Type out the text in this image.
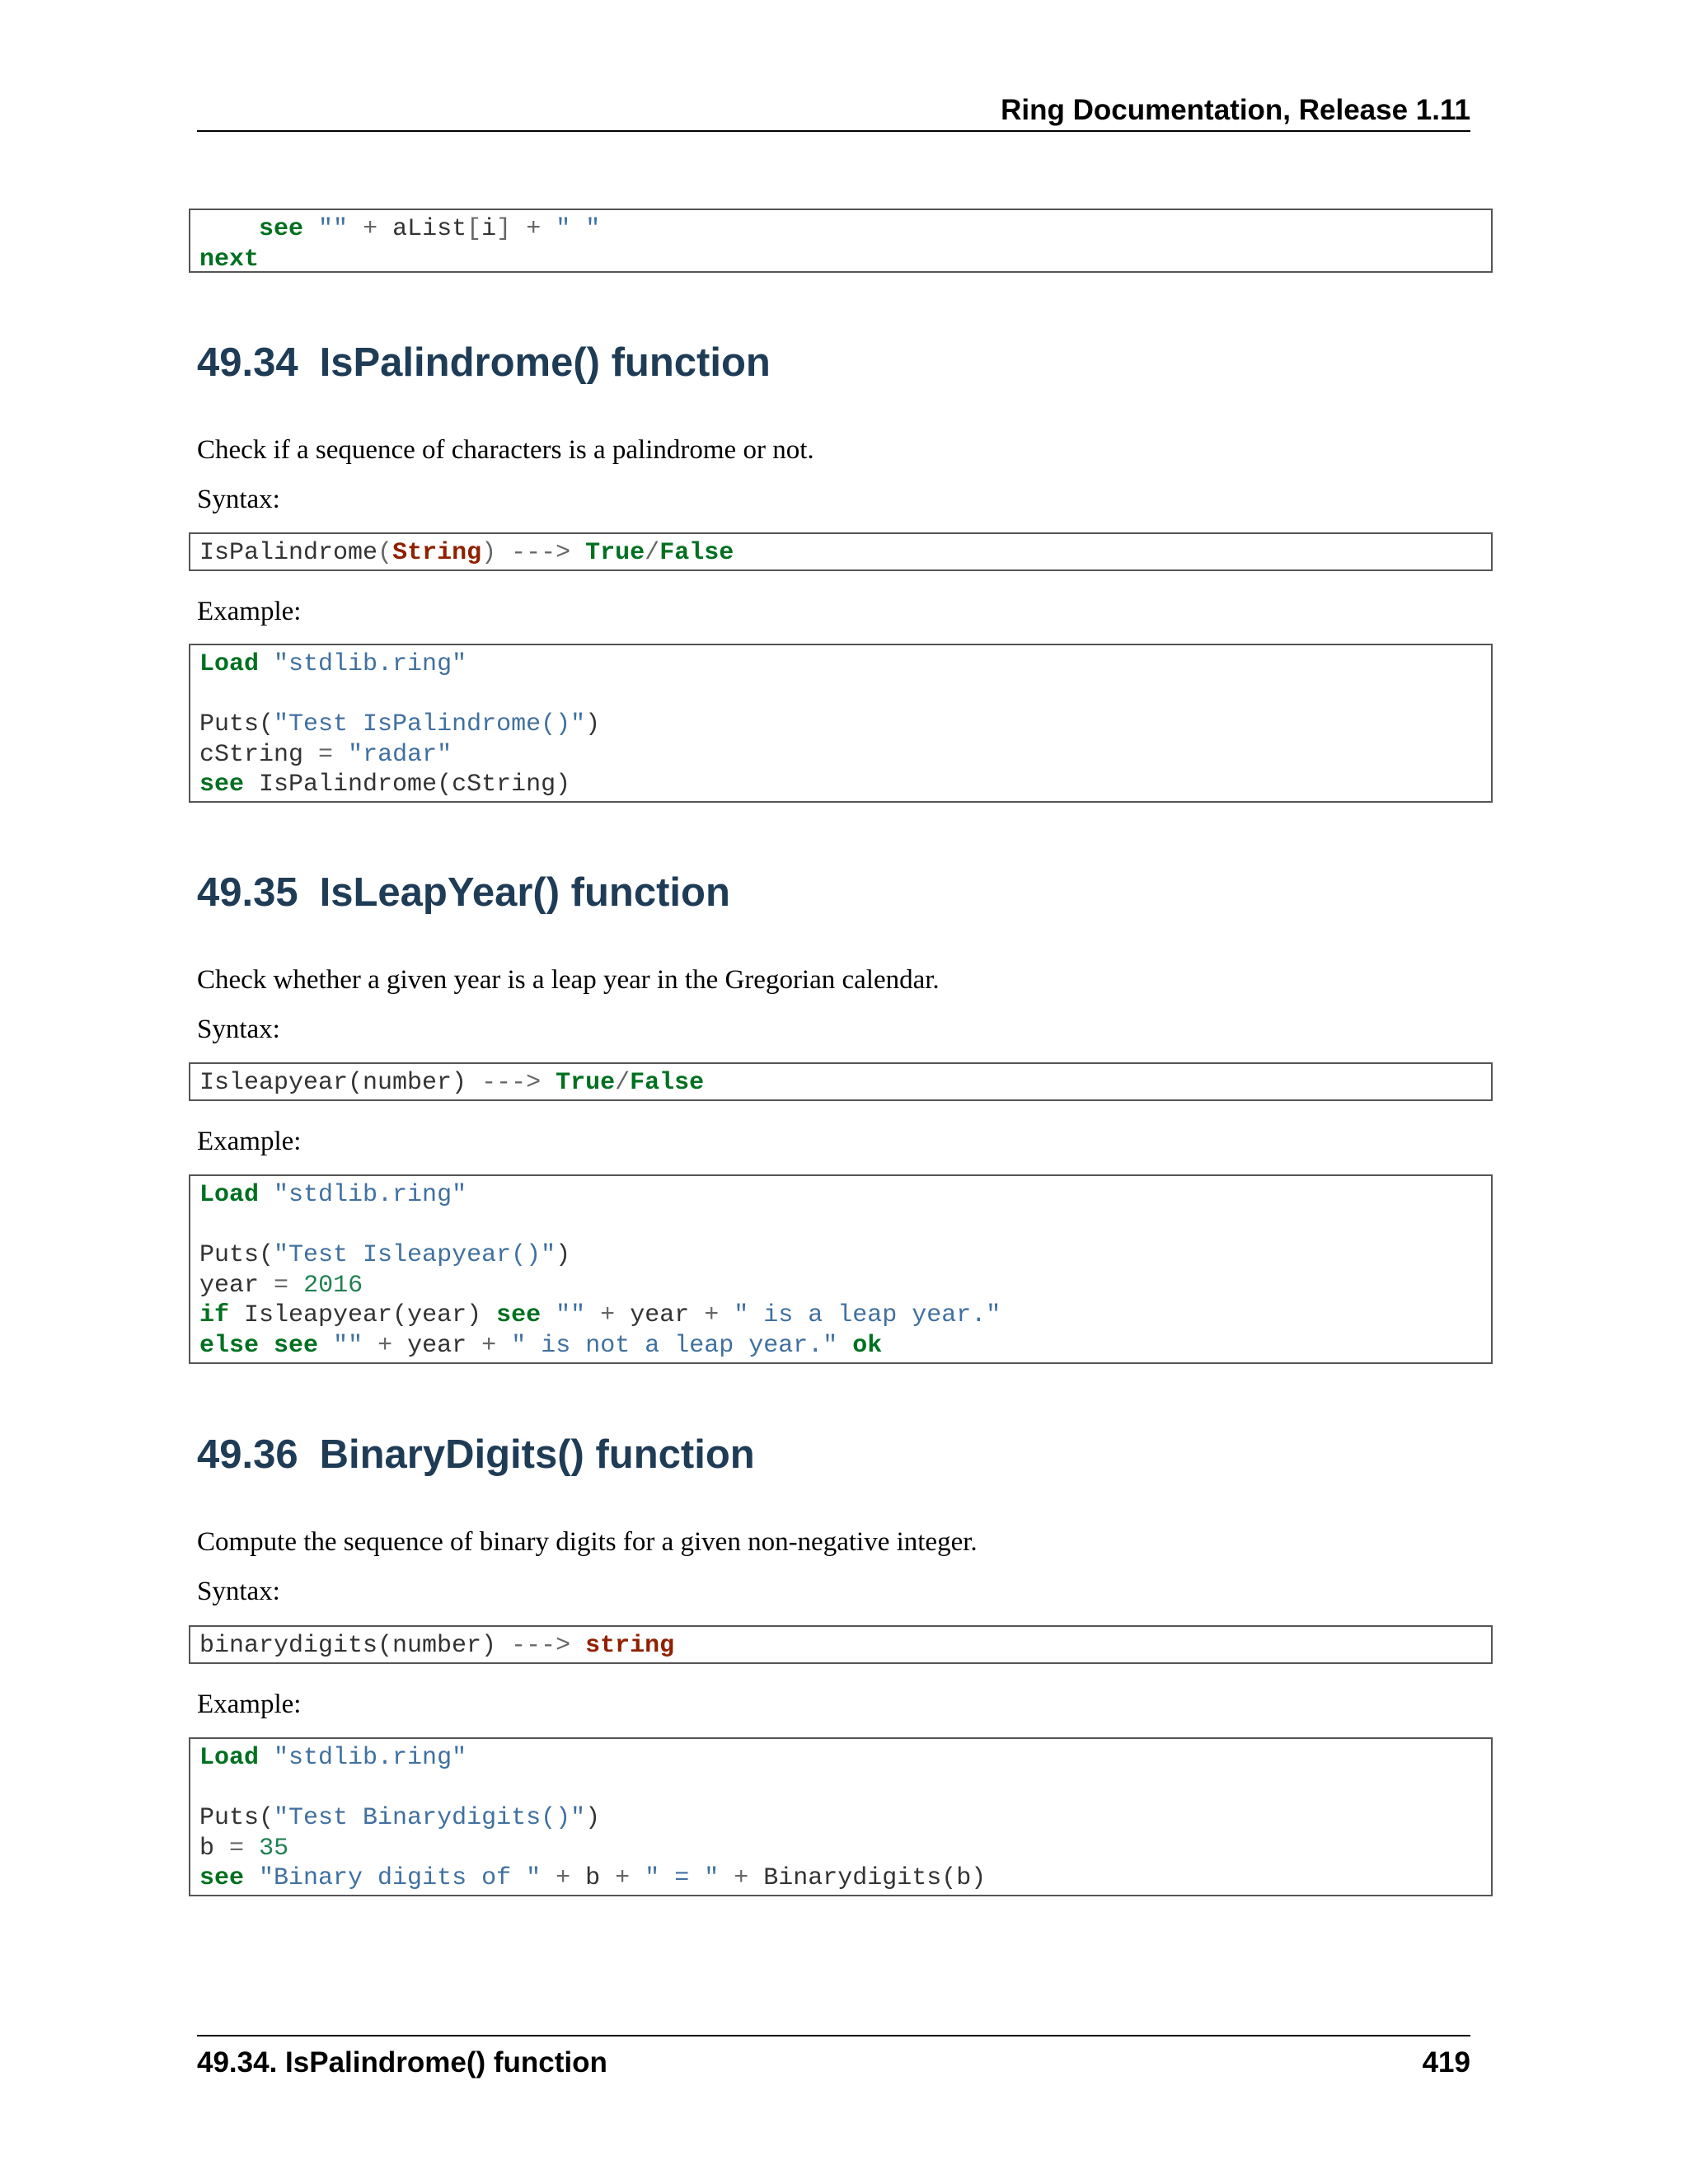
Ring Documentation, Release 1.11
see "" + aList[i] + " "
next
49.34 IsPalindrome() function

Check if a sequence of characters is a palindrome or not.

Syntax:

IsPalindrome(String) ---> True/False

Example:

Load "stdlib.ring"
Puts("Test IsPalindrome()")
cString = "radar"
see IsPalindrome(cString)
49.35 IsLeapYear() function

Check whether a given year is a leap year in the Gregorian calendar.

Syntax:

Isleapyear(number) ---> True/False

Example:

Load "stdlib.ring"
Puts("Test Isleapyear()")
year = 2016
if Isleapyear(year) see "" + year + " is a leap year."
else see "" + year + " is not a leap year." ok
49.36 BinaryDigits() function

Compute the sequence of binary digits for a given non-negative integer.

Syntax:

binarydigits(number) ---> string

Example:

Load "stdlib.ring"
Puts("Test Binarydigits()")
b = 35
see "Binary digits of " + b + " = " + Binarydigits(b)
49.34. IsPalindrome() function	419
